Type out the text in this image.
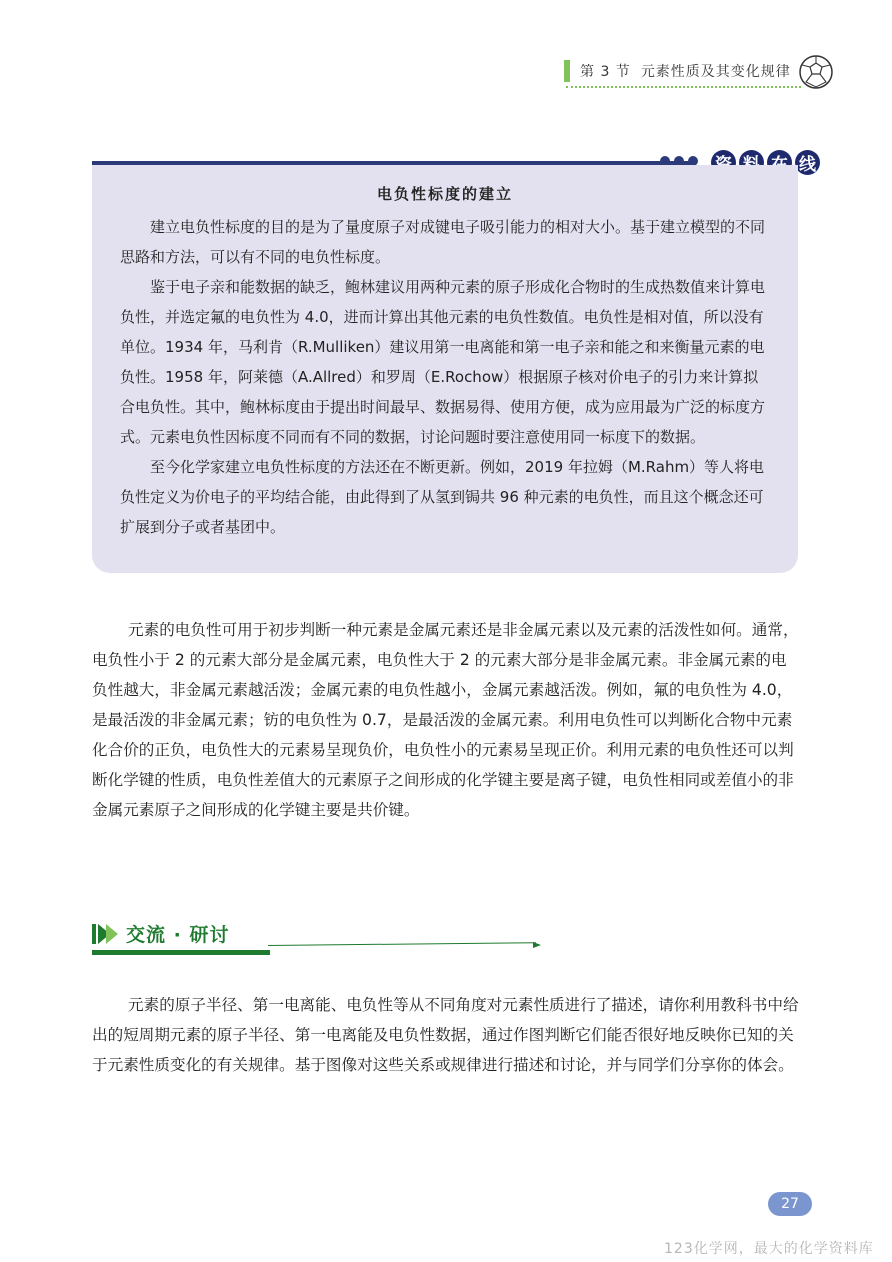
第 3 节 元素性质及其变化规律
线
电负性标度的建立

建立电负性标度的目的是为了量度原子对成键电子吸引能力的相对大小。基于建立模型的不同思路和方法，可以有不同的电负性标度。

鉴于电子亲和能数据的缺乏，鲍林建议用两种元素的原子形成化合物时的生成热数值来计算电负性，并选定氟的电负性为 4.0，进而计算出其他元素的电负性数值。电负性是相对值，所以没有单位。1934 年，马利肯（R.Mulliken）建议用第一电离能和第一电子亲和能之和来衡量元素的电负性。1958 年，阿莱德（A.Allred）和罗周（E.Rochow）根据原子核对价电子的引力来计算拟合电负性。其中，鲍林标度由于提出时间最早、数据易得、使用方便，成为应用最为广泛的标度方式。元素电负性因标度不同而有不同的数据，讨论问题时要注意使用同一标度下的数据。

至今化学家建立电负性标度的方法还在不断更新。例如，2019 年拉姆（M.Rahm）等人将电负性定义为价电子的平均结合能，由此得到了从氢到锔共 96 种元素的电负性，而且这个概念还可扩展到分子或者基团中。

元素的电负性可用于初步判断一种元素是金属元素还是非金属元素以及元素的活泼性如何。通常，电负性小于 2 的元素大部分是金属元素，电负性大于 2 的元素大部分是非金属元素。非金属元素的电负性越大，非金属元素越活泼；金属元素的电负性越小，金属元素越活泼。例如，氟的电负性为 4.0，是最活泼的非金属元素；钫的电负性为 0.7，是最活泼的金属元素。利用电负性可以判断化合物中元素化合价的正负，电负性大的元素易呈现负价，电负性小的元素易呈现正价。利用元素的电负性还可以判断化学键的性质，电负性差值大的元素原子之间形成的化学键主要是离子键，电负性相同或差值小的非金属元素原子之间形成的化学键主要是共价键。

交流 · 研讨

元素的原子半径、第一电离能、电负性等从不同角度对元素性质进行了描述，请你利用教科书中给出的短周期元素的原子半径、第一电离能及电负性数据，通过作图判断它们能否很好地反映你已知的关于元素性质变化的有关规律。基于图像对这些关系或规律进行描述和讨论，并与同学们分享你的体会。

27
123化学网，最大的化学资料库
